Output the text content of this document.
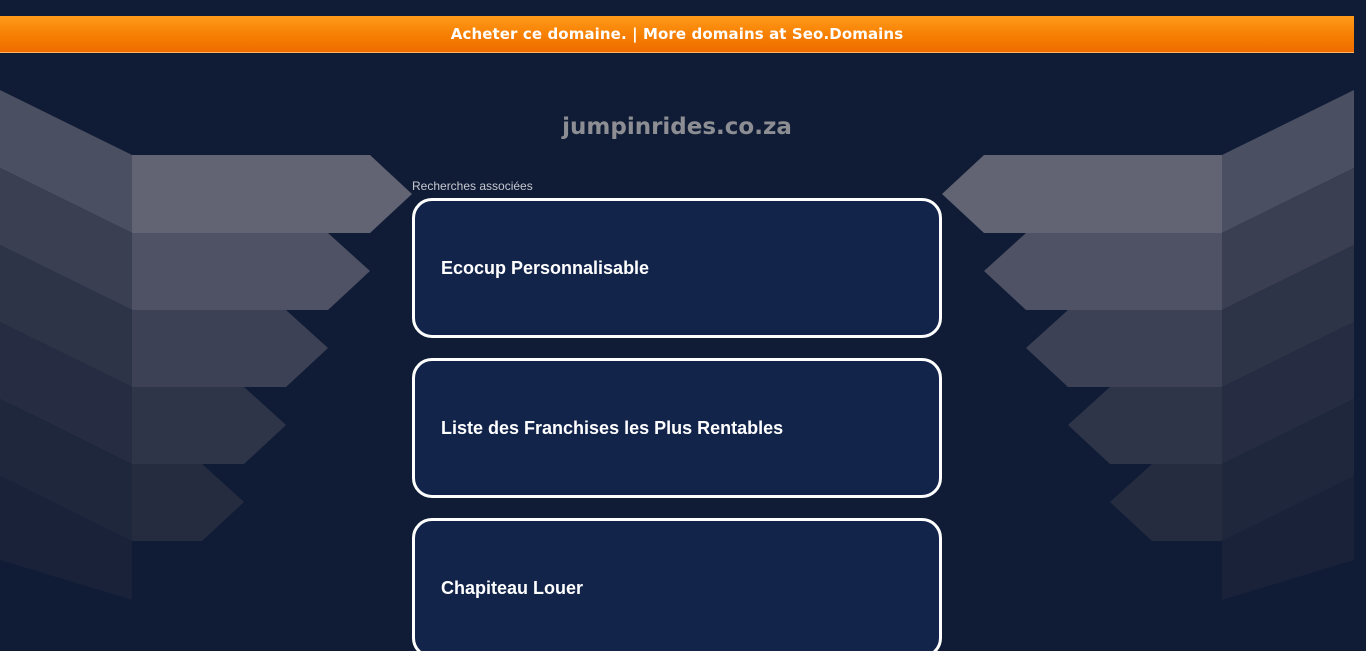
Acheter ce domaine. | More domains at Seo.Domains
jumpinrides.co.za
Recherches associées
Ecocup Personnalisable
Liste des Franchises les Plus Rentables
Chapiteau Louer
